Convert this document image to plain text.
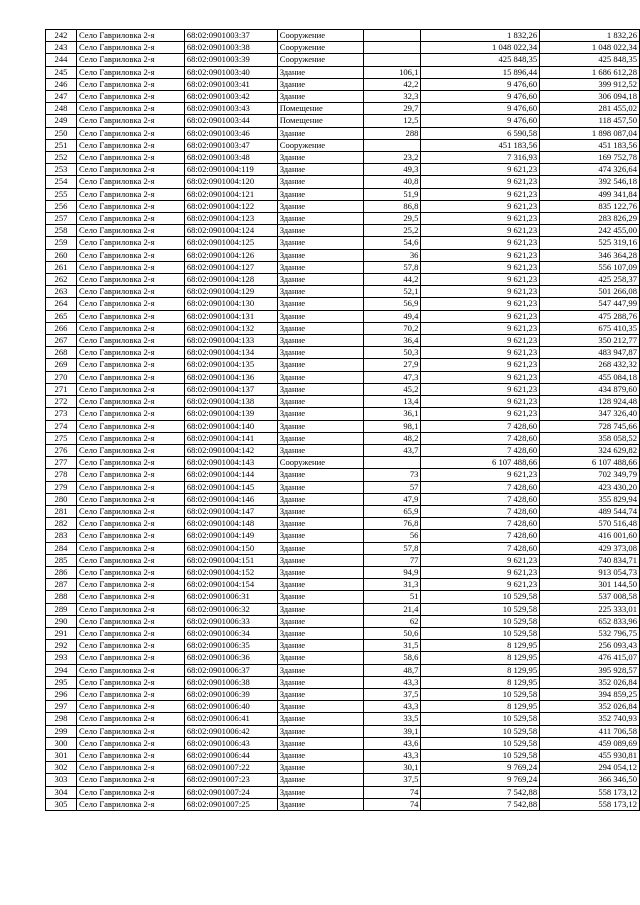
242	Село Гавриловка 2-я	68:02:0901003:37	Сооружение		1 832,26	1 832,26
243	Село Гавриловка 2-я	68:02:0901003:38	Сооружение		1 048 022,34	1 048 022,34
244	Село Гавриловка 2-я	68:02:0901003:39	Сооружение		425 848,35	425 848,35
245	Село Гавриловка 2-я	68:02:0901003:40	Здание	106,1	15 896,44	1 686 612,28
246	Село Гавриловка 2-я	68:02:0901003:41	Здание	42,2	9 476,60	399 912,52
247	Село Гавриловка 2-я	68:02:0901003:42	Здание	32,3	9 476,60	306 094,18
248	Село Гавриловка 2-я	68:02:0901003:43	Помещение	29,7	9 476,60	281 455,02
249	Село Гавриловка 2-я	68:02:0901003:44	Помещение	12,5	9 476,60	118 457,50
250	Село Гавриловка 2-я	68:02:0901003:46	Здание	288	6 590,58	1 898 087,04
251	Село Гавриловка 2-я	68:02:0901003:47	Сооружение		451 183,56	451 183,56
252	Село Гавриловка 2-я	68:02:0901003:48	Здание	23,2	7 316,93	169 752,78
253	Село Гавриловка 2-я	68:02:0901004:119	Здание	49,3	9 621,23	474 326,64
254	Село Гавриловка 2-я	68:02:0901004:120	Здание	40,8	9 621,23	392 546,18
255	Село Гавриловка 2-я	68:02:0901004:121	Здание	51,9	9 621,23	499 341,84
256	Село Гавриловка 2-я	68:02:0901004:122	Здание	86,8	9 621,23	835 122,76
257	Село Гавриловка 2-я	68:02:0901004:123	Здание	29,5	9 621,23	283 826,29
258	Село Гавриловка 2-я	68:02:0901004:124	Здание	25,2	9 621,23	242 455,00
259	Село Гавриловка 2-я	68:02:0901004:125	Здание	54,6	9 621,23	525 319,16
260	Село Гавриловка 2-я	68:02:0901004:126	Здание	36	9 621,23	346 364,28
261	Село Гавриловка 2-я	68:02:0901004:127	Здание	57,8	9 621,23	556 107,09
262	Село Гавриловка 2-я	68:02:0901004:128	Здание	44,2	9 621,23	425 258,37
263	Село Гавриловка 2-я	68:02:0901004:129	Здание	52,1	9 621,23	501 266,08
264	Село Гавриловка 2-я	68:02:0901004:130	Здание	56,9	9 621,23	547 447,99
265	Село Гавриловка 2-я	68:02:0901004:131	Здание	49,4	9 621,23	475 288,76
266	Село Гавриловка 2-я	68:02:0901004:132	Здание	70,2	9 621,23	675 410,35
267	Село Гавриловка 2-я	68:02:0901004:133	Здание	36,4	9 621,23	350 212,77
268	Село Гавриловка 2-я	68:02:0901004:134	Здание	50,3	9 621,23	483 947,87
269	Село Гавриловка 2-я	68:02:0901004:135	Здание	27,9	9 621,23	268 432,32
270	Село Гавриловка 2-я	68:02:0901004:136	Здание	47,3	9 621,23	455 084,18
271	Село Гавриловка 2-я	68:02:0901004:137	Здание	45,2	9 621,23	434 879,60
272	Село Гавриловка 2-я	68:02:0901004:138	Здание	13,4	9 621,23	128 924,48
273	Село Гавриловка 2-я	68:02:0901004:139	Здание	36,1	9 621,23	347 326,40
274	Село Гавриловка 2-я	68:02:0901004:140	Здание	98,1	7 428,60	728 745,66
275	Село Гавриловка 2-я	68:02:0901004:141	Здание	48,2	7 428,60	358 058,52
276	Село Гавриловка 2-я	68:02:0901004:142	Здание	43,7	7 428,60	324 629,82
277	Село Гавриловка 2-я	68:02:0901004:143	Сооружение		6 107 488,66	6 107 488,66
278	Село Гавриловка 2-я	68:02:0901004:144	Здание	73	9 621,23	702 349,79
279	Село Гавриловка 2-я	68:02:0901004:145	Здание	57	7 428,60	423 430,20
280	Село Гавриловка 2-я	68:02:0901004:146	Здание	47,9	7 428,60	355 829,94
281	Село Гавриловка 2-я	68:02:0901004:147	Здание	65,9	7 428,60	489 544,74
282	Село Гавриловка 2-я	68:02:0901004:148	Здание	76,8	7 428,60	570 516,48
283	Село Гавриловка 2-я	68:02:0901004:149	Здание	56	7 428,60	416 001,60
284	Село Гавриловка 2-я	68:02:0901004:150	Здание	57,8	7 428,60	429 373,08
285	Село Гавриловка 2-я	68:02:0901004:151	Здание	77	9 621,23	740 834,71
286	Село Гавриловка 2-я	68:02:0901004:152	Здание	94,9	9 621,23	913 054,73
287	Село Гавриловка 2-я	68:02:0901004:154	Здание	31,3	9 621,23	301 144,50
288	Село Гавриловка 2-я	68:02:0901006:31	Здание	51	10 529,58	537 008,58
289	Село Гавриловка 2-я	68:02:0901006:32	Здание	21,4	10 529,58	225 333,01
290	Село Гавриловка 2-я	68:02:0901006:33	Здание	62	10 529,58	652 833,96
291	Село Гавриловка 2-я	68:02:0901006:34	Здание	50,6	10 529,58	532 796,75
292	Село Гавриловка 2-я	68:02:0901006:35	Здание	31,5	8 129,95	256 093,43
293	Село Гавриловка 2-я	68:02:0901006:36	Здание	58,6	8 129,95	476 415,07
294	Село Гавриловка 2-я	68:02:0901006:37	Здание	48,7	8 129,95	395 928,57
295	Село Гавриловка 2-я	68:02:0901006:38	Здание	43,3	8 129,95	352 026,84
296	Село Гавриловка 2-я	68:02:0901006:39	Здание	37,5	10 529,58	394 859,25
297	Село Гавриловка 2-я	68:02:0901006:40	Здание	43,3	8 129,95	352 026,84
298	Село Гавриловка 2-я	68:02:0901006:41	Здание	33,5	10 529,58	352 740,93
299	Село Гавриловка 2-я	68:02:0901006:42	Здание	39,1	10 529,58	411 706,58
300	Село Гавриловка 2-я	68:02:0901006:43	Здание	43,6	10 529,58	459 089,69
301	Село Гавриловка 2-я	68:02:0901006:44	Здание	43,3	10 529,58	455 930,81
302	Село Гавриловка 2-я	68:02:0901007:22	Здание	30,1	9 769,24	294 054,12
303	Село Гавриловка 2-я	68:02:0901007:23	Здание	37,5	9 769,24	366 346,50
304	Село Гавриловка 2-я	68:02:0901007:24	Здание	74	7 542,88	558 173,12
305	Село Гавриловка 2-я	68:02:0901007:25	Здание	74	7 542,88	558 173,12
